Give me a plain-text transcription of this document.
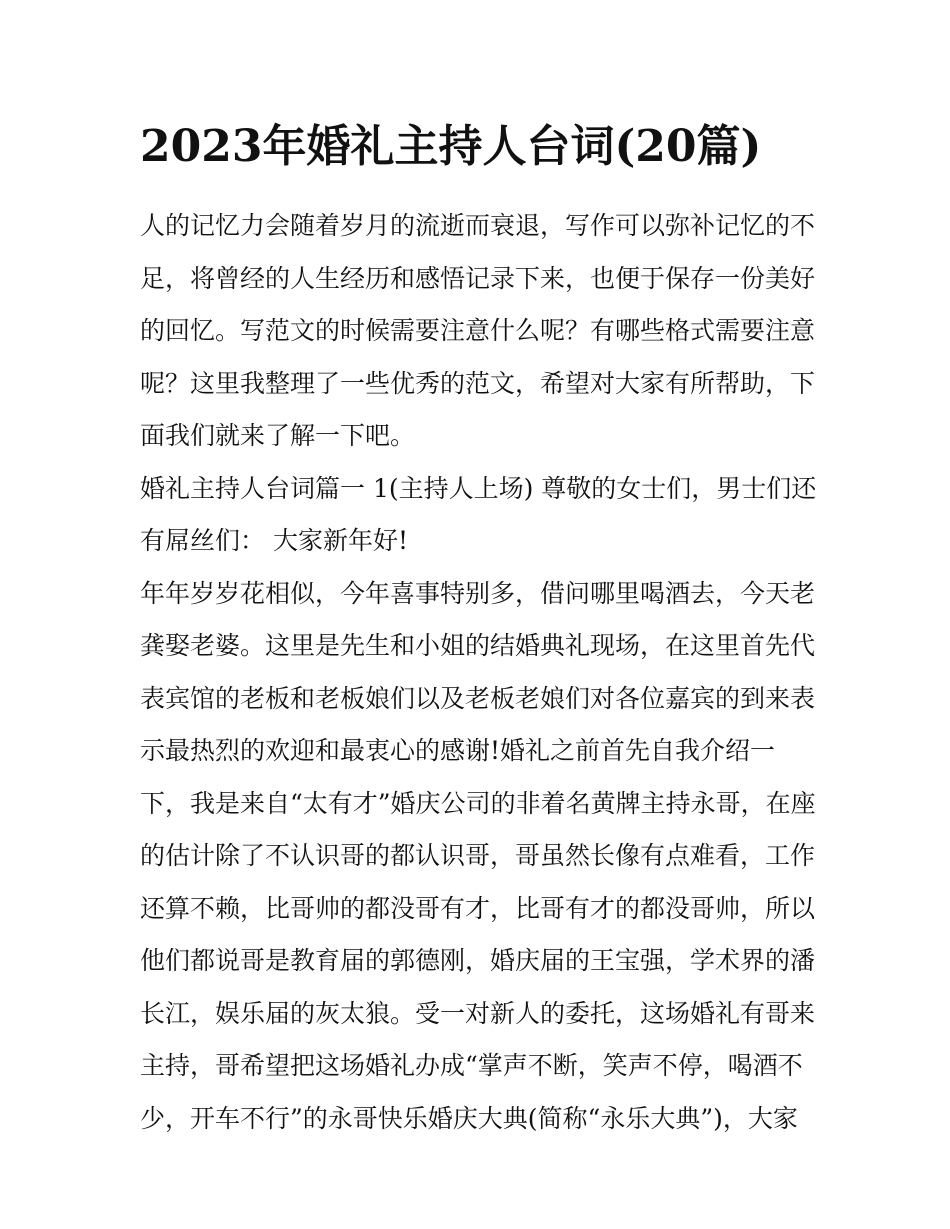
2023年婚礼主持人台词(20篇)
人的记忆力会随着岁月的流逝而衰退，写作可以弥补记忆的不
足，将曾经的人生经历和感悟记录下来，也便于保存一份美好
的回忆。写范文的时候需要注意什么呢？有哪些格式需要注意
呢？这里我整理了一些优秀的范文，希望对大家有所帮助，下
面我们就来了解一下吧。
婚礼主持人台词篇一 1(主持人上场) 尊敬的女士们，男士们还
有屌丝们： 大家新年好!
年年岁岁花相似，今年喜事特别多，借问哪里喝酒去，今天老
龚娶老婆。这里是先生和小姐的结婚典礼现场，在这里首先代
表宾馆的老板和老板娘们以及老板老娘们对各位嘉宾的到来表
示最热烈的欢迎和最衷心的感谢!婚礼之前首先自我介绍一
下，我是来自“太有才”婚庆公司的非着名黄牌主持永哥，在座
的估计除了不认识哥的都认识哥，哥虽然长像有点难看，工作
还算不赖，比哥帅的都没哥有才，比哥有才的都没哥帅，所以
他们都说哥是教育届的郭德刚，婚庆届的王宝强，学术界的潘
长江，娱乐届的灰太狼。受一对新人的委托，这场婚礼有哥来
主持，哥希望把这场婚礼办成“掌声不断，笑声不停，喝酒不
少，开车不行”的永哥快乐婚庆大典(简称“永乐大典”)，大家
